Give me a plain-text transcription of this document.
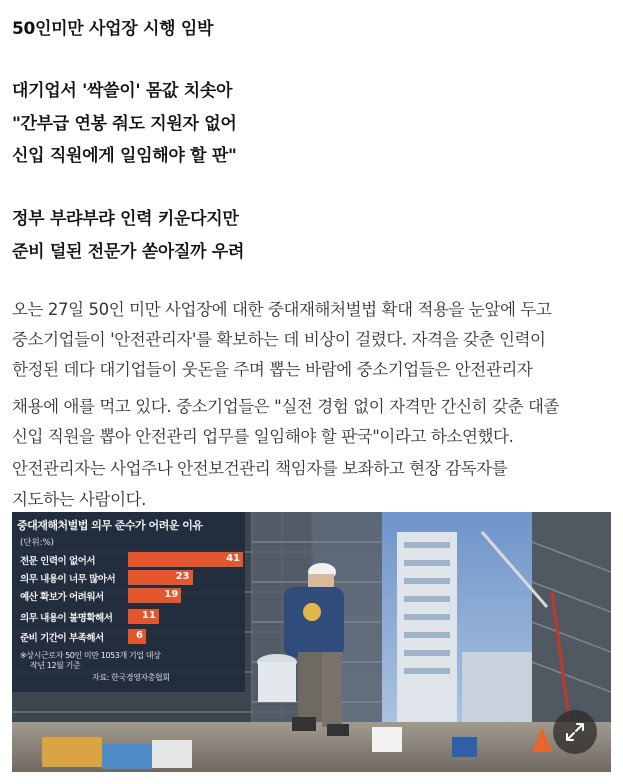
50인미만 사업장 시행 임박

대기업서 '싹쓸이' 몸값 치솟아

"간부급 연봉 줘도 지원자 없어

신입 직원에게 일임해야 할 판"

정부 부랴부랴 인력 키운다지만

준비 덜된 전문가 쏟아질까 우려

오는 27일 50인 미만 사업장에 대한 중대재해처벌법 확대 적용을 눈앞에 두고

중소기업들이 '안전관리자'를 확보하는 데 비상이 걸렸다. 자격을 갖춘 인력이

한정된 데다 대기업들이 웃돈을 주며 뽑는 바람에 중소기업들은 안전관리자

채용에 애를 먹고 있다. 중소기업들은 "실전 경험 없이 자격만 간신히 갖춘 대졸

신입 직원을 뽑아 안전관리 업무를 일임해야 할 판국"이라고 하소연했다.

안전관리자는 사업주나 안전보건관리 책임자를 보좌하고 현장 감독자를

지도하는 사람이다.

중대재해처벌법 의무 준수가 어려운 이유
(단위:%)
41
전문 인력이 없어서
23
의무 내용이 너무 많아서
19
예산 확보가 어려워서
11
의무 내용이 불명확해서
6
준비 기간이 부족해서
※상시근로자 50인 미만 1053개 기업 대상
작년 12월 기준
자료: 한국경영자총협회
